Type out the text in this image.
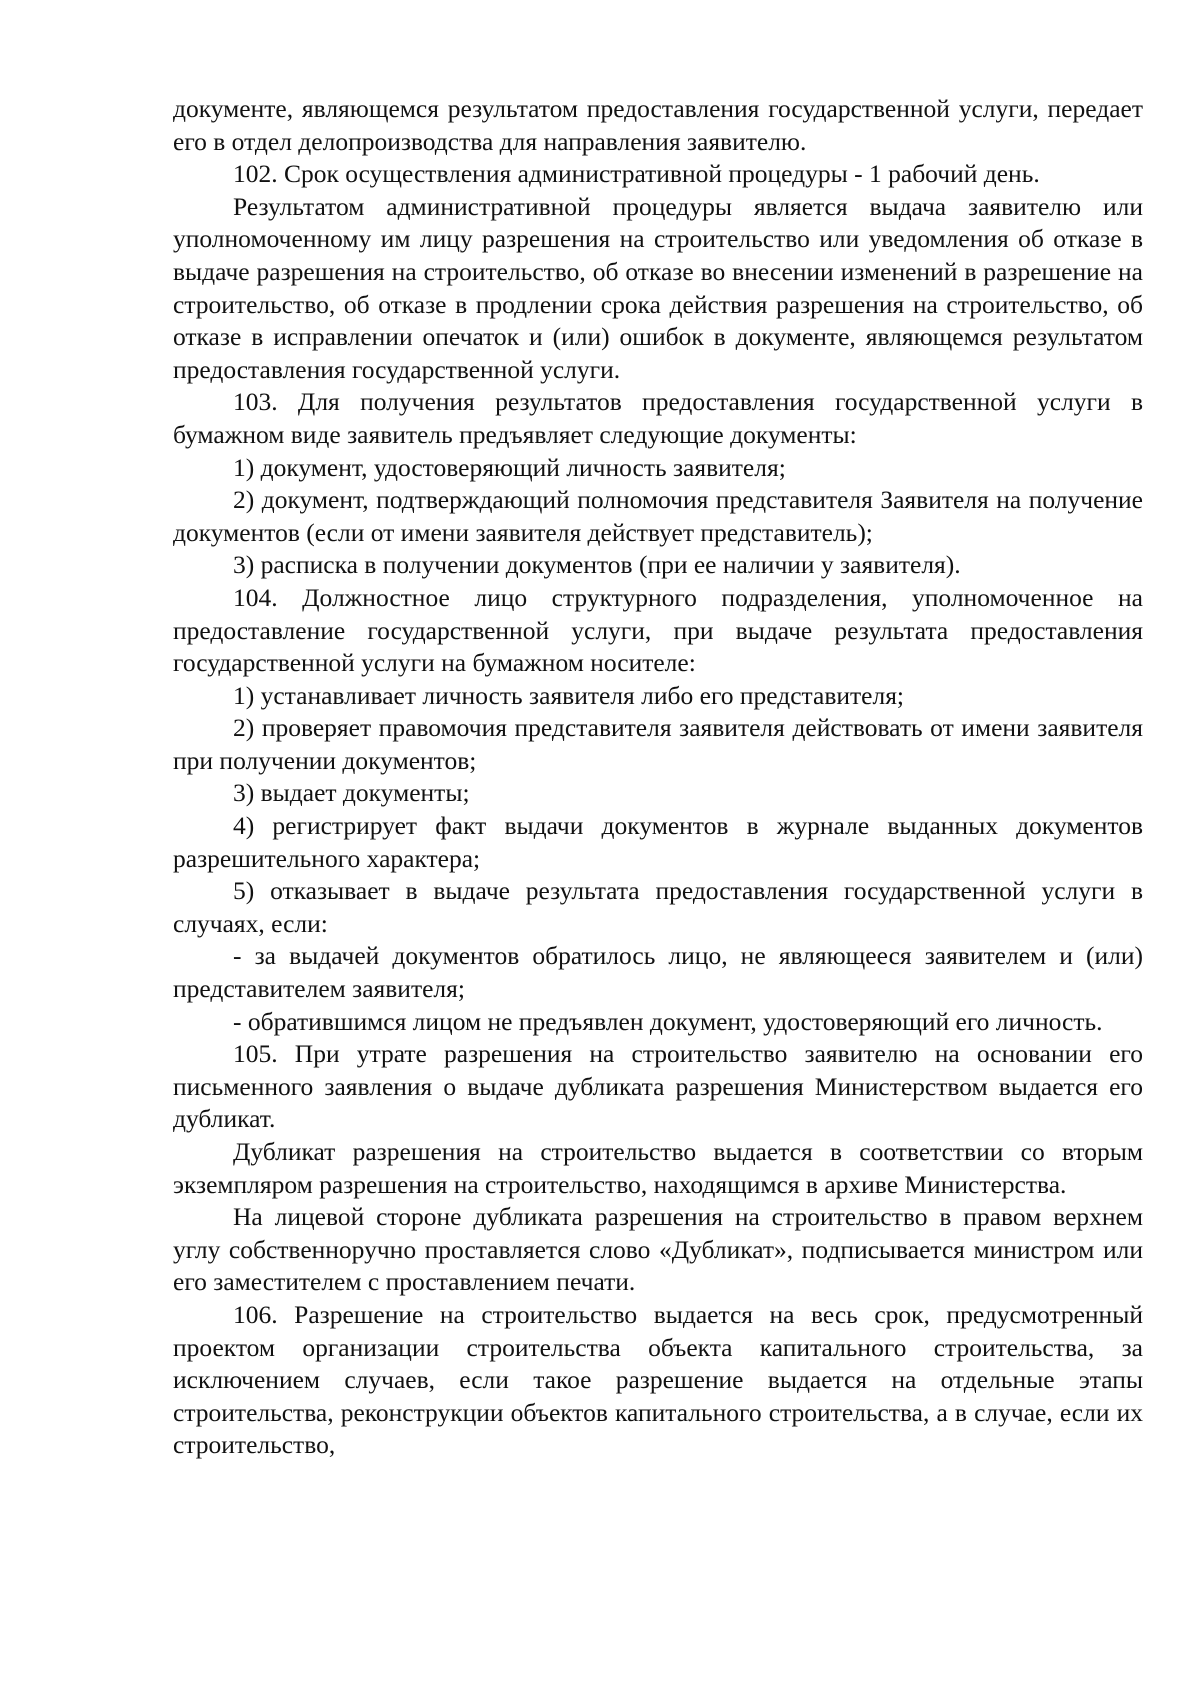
документе, являющемся результатом предоставления государственной услуги, передает его в отдел делопроизводства для направления заявителю.

102. Срок осуществления административной процедуры - 1 рабочий день.

Результатом административной процедуры является выдача заявителю или уполномоченному им лицу разрешения на строительство или уведомления об отказе в выдаче разрешения на строительство, об отказе во внесении изменений в разрешение на строительство, об отказе в продлении срока действия разрешения на строительство, об отказе в исправлении опечаток и (или) ошибок в документе, являющемся результатом предоставления государственной услуги.

103. Для получения результатов предоставления государственной услуги в бумажном виде заявитель предъявляет следующие документы:

1) документ, удостоверяющий личность заявителя;

2) документ, подтверждающий полномочия представителя Заявителя на получение документов (если от имени заявителя действует представитель);

3) расписка в получении документов (при ее наличии у заявителя).

104. Должностное лицо структурного подразделения, уполномоченное на предоставление государственной услуги, при выдаче результата предоставления государственной услуги на бумажном носителе:

1) устанавливает личность заявителя либо его представителя;

2) проверяет правомочия представителя заявителя действовать от имени заявителя при получении документов;

3) выдает документы;

4) регистрирует факт выдачи документов в журнале выданных документов разрешительного характера;

5) отказывает в выдаче результата предоставления государственной услуги в случаях, если:

- за выдачей документов обратилось лицо, не являющееся заявителем и (или) представителем заявителя;

- обратившимся лицом не предъявлен документ, удостоверяющий его личность.

105. При утрате разрешения на строительство заявителю на основании его письменного заявления о выдаче дубликата разрешения Министерством выдается его дубликат.

Дубликат разрешения на строительство выдается в соответствии со вторым экземпляром разрешения на строительство, находящимся в архиве Министерства.

На лицевой стороне дубликата разрешения на строительство в правом верхнем углу собственноручно проставляется слово «Дубликат», подписывается министром или его заместителем с проставлением печати.

106. Разрешение на строительство выдается на весь срок, предусмотренный проектом организации строительства объекта капитального строительства, за исключением случаев, если такое разрешение выдается на отдельные этапы строительства, реконструкции объектов капитального строительства, а в случае, если их строительство,
